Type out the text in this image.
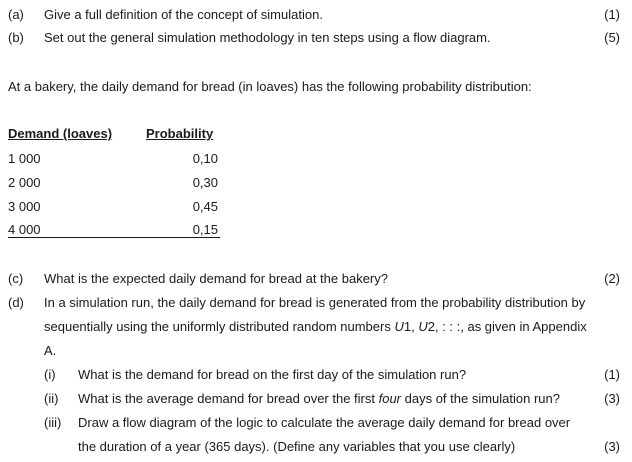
(a) Give a full definition of the concept of simulation.	(1)
(b) Set out the general simulation methodology in ten steps using a flow diagram.	(5)
At a bakery, the daily demand for bread (in loaves) has the following probability distribution:
Demand (loaves)	Probability
1 000	0,10
2 000	0,30
3 000	0,45
4 000	0,15
(c) What is the expected daily demand for bread at the bakery?	(2)
(d) In a simulation run, the daily demand for bread is generated from the probability distribution by
sequentially using the uniformly distributed random numbers U1, U2, : : :, as given in Appendix
A.
(i) What is the demand for bread on the first day of the simulation run?	(1)
(ii) What is the average demand for bread over the first four days of the simulation run?	(3)
(iii) Draw a flow diagram of the logic to calculate the average daily demand for bread over
the duration of a year (365 days). (Define any variables that you use clearly)	(3)
